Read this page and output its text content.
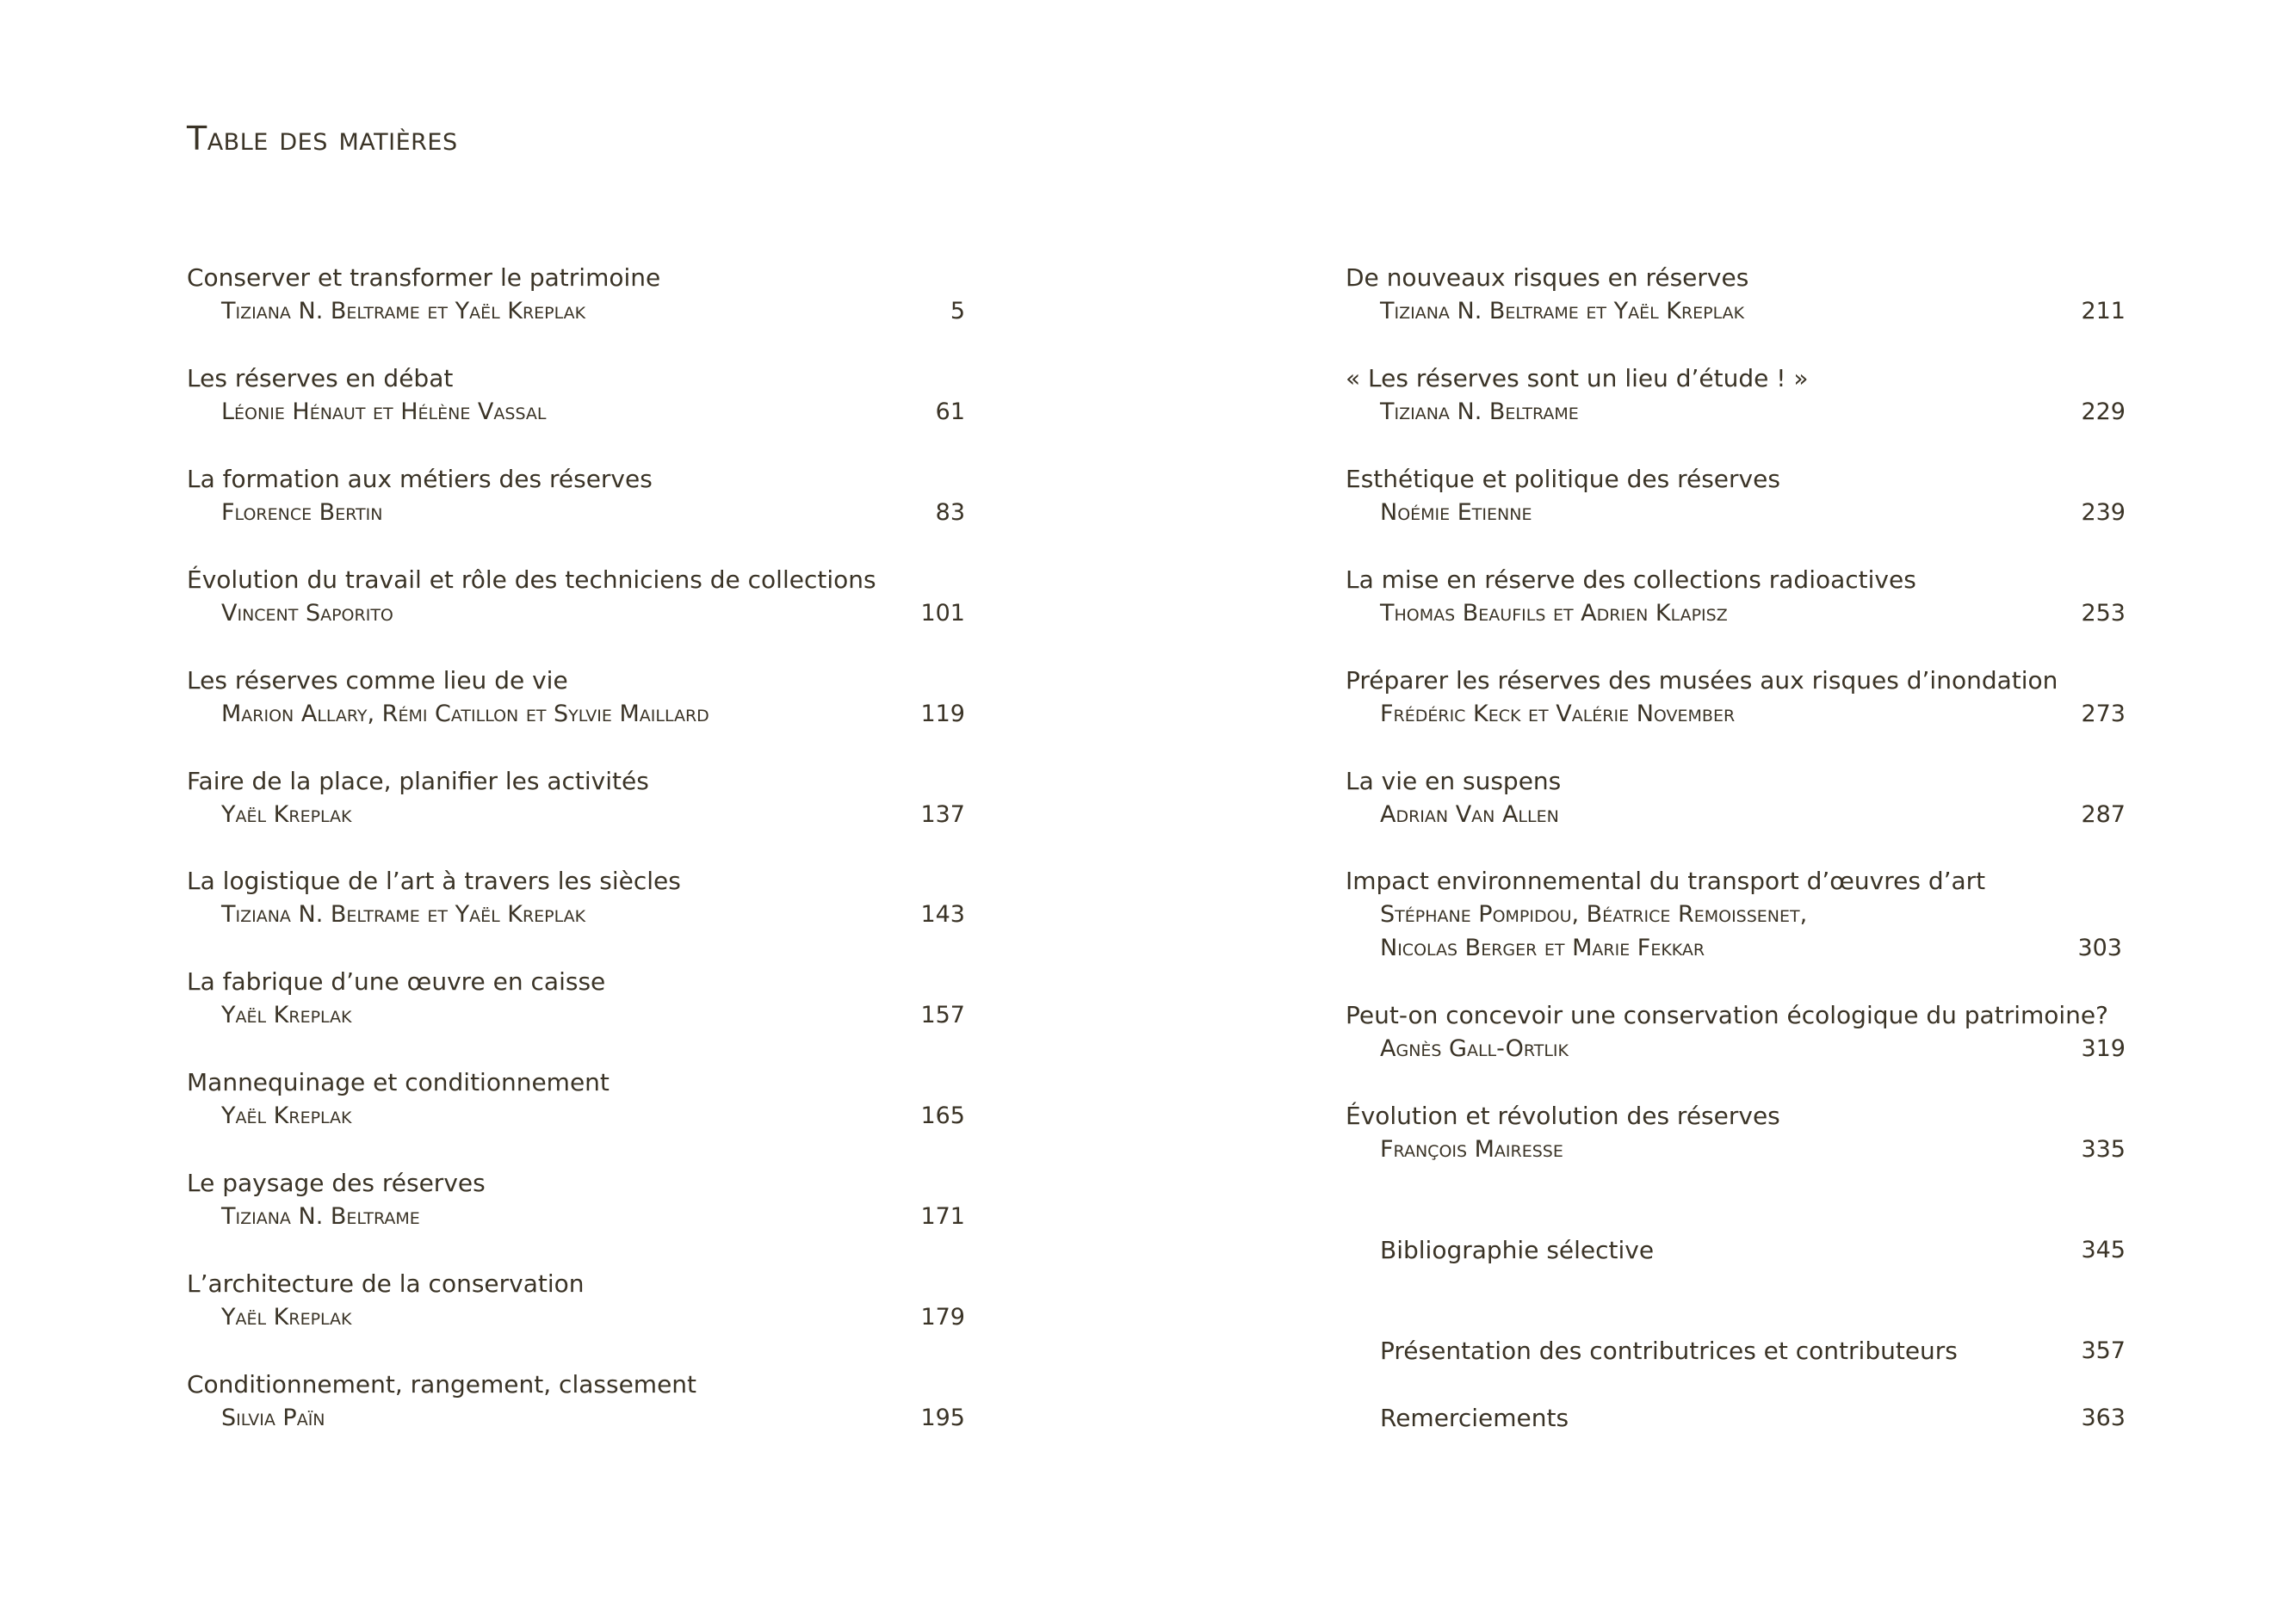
Table des matières
Conserver et transformer le patrimoine
Tiziana N. Beltrame et Yaël Kreplak	5
Les réserves en débat
Léonie Hénaut et Hélène Vassal	61
La formation aux métiers des réserves
Florence Bertin	83
Évolution du travail et rôle des techniciens de collections
Vincent Saporito	101
Les réserves comme lieu de vie
Marion Allary, Rémi Catillon et Sylvie Maillard	119
Faire de la place, planifier les activités
Yaël Kreplak	137
La logistique de l’art à travers les siècles
Tiziana N. Beltrame et Yaël Kreplak	143
La fabrique d’une œuvre en caisse
Yaël Kreplak	157
Mannequinage et conditionnement
Yaël Kreplak	165
Le paysage des réserves
Tiziana N. Beltrame	171
L’architecture de la conservation
Yaël Kreplak	179
Conditionnement, rangement, classement
Silvia Païn	195
De nouveaux risques en réserves
Tiziana N. Beltrame et Yaël Kreplak	211
« Les réserves sont un lieu d’étude ! »
Tiziana N. Beltrame	229
Esthétique et politique des réserves
Noémie Etienne	239
La mise en réserve des collections radioactives
Thomas Beaufils et Adrien Klapisz	253
Préparer les réserves des musées aux risques d’inondation
Frédéric Keck et Valérie November	273
La vie en suspens
Adrian Van Allen	287
Impact environnemental du transport d’œuvres d’art
Stéphane Pompidou, Béatrice Remoissenet,
Nicolas Berger et Marie Fekkar	303
Peut-on concevoir une conservation écologique du patrimoine?
Agnès Gall-Ortlik	319
Évolution et révolution des réserves
François Mairesse	335
Bibliographie sélective	345
Présentation des contributrices et contributeurs	357
Remerciements	363
